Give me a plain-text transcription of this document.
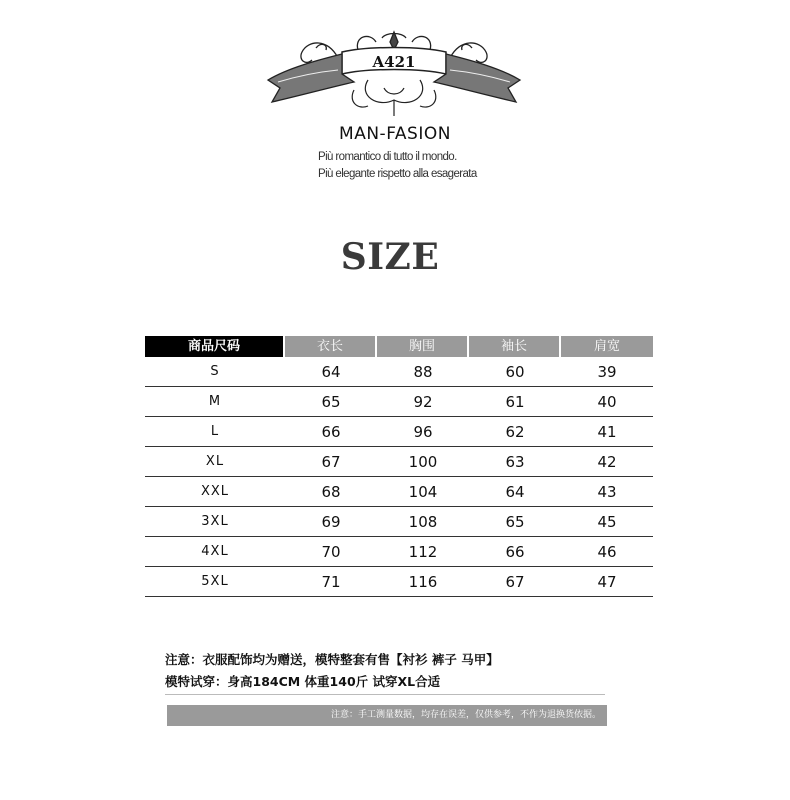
A421
MAN-FASION
Più romantico di tutto il mondo.
Più elegante rispetto alla esagerata
SIZE
商品尺码	衣长	胸围	袖长	肩宽
S	64	88	60	39
M	65	92	61	40
L	66	96	62	41
XL	67	100	63	42
XXL	68	104	64	43
3XL	69	108	65	45
4XL	70	112	66	46
5XL	71	116	67	47
注意：衣服配饰均为赠送，模特整套有售【衬衫 裤子 马甲】
模特试穿：身高184CM 体重140斤 试穿XL合适
注意：手工测量数据，均存在误差，仅供参考，不作为退换货依据。
